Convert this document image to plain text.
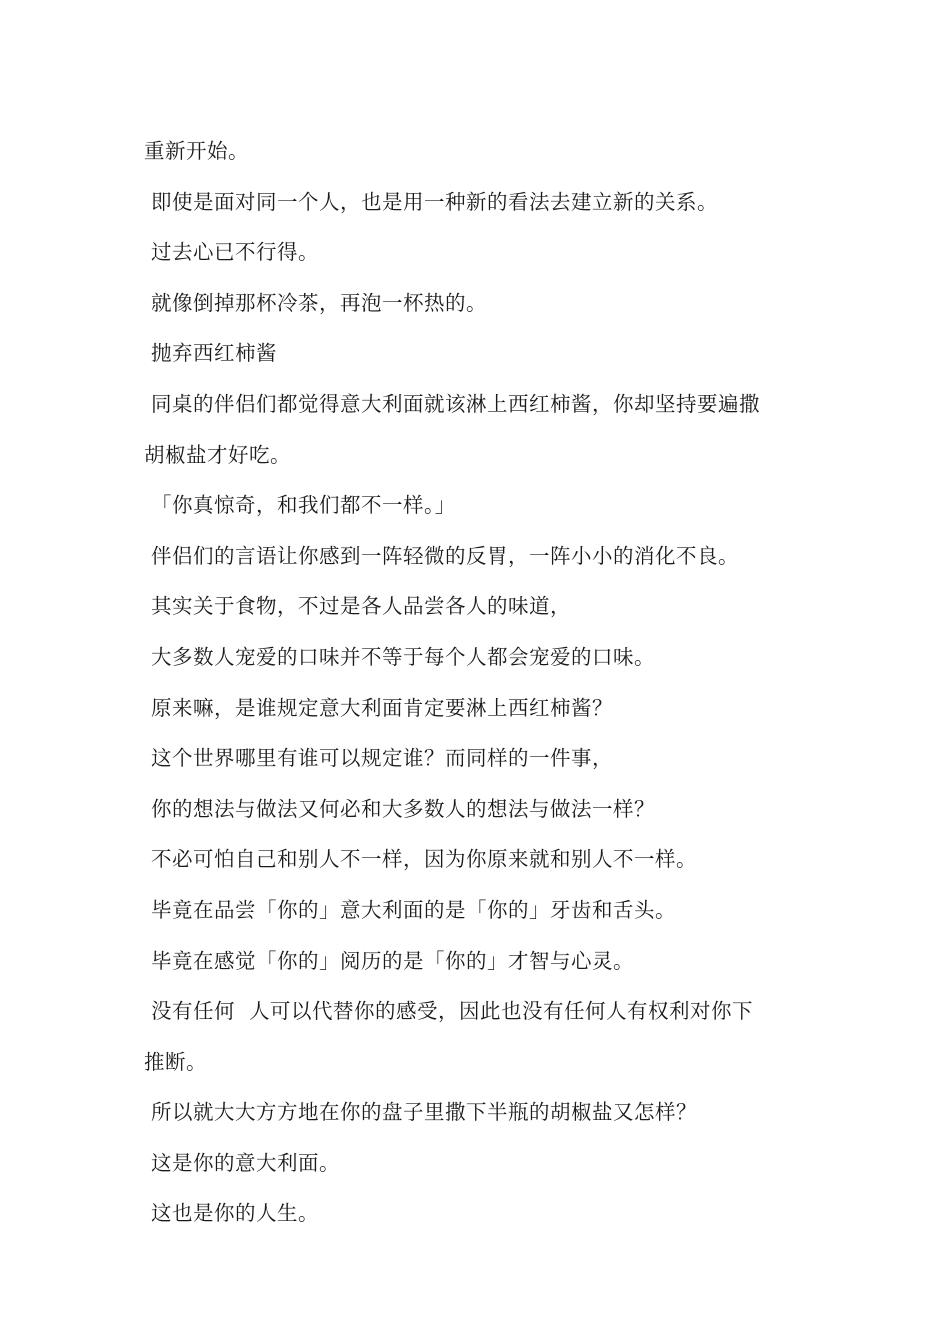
重新开始。
即使是面对同一个人，也是用一种新的看法去建立新的关系。
过去心已不行得。
就像倒掉那杯冷茶，再泡一杯热的。
抛弃西红柿酱
同桌的伴侣们都觉得意大利面就该淋上西红柿酱，你却坚持要遍撒
胡椒盐才好吃。
「你真惊奇，和我们都不一样。」
伴侣们的言语让你感到一阵轻微的反胃，一阵小小的消化不良。
其实关于食物，不过是各人品尝各人的味道，
大多数人宠爱的口味并不等于每个人都会宠爱的口味。
原来嘛，是谁规定意大利面肯定要淋上西红柿酱？
这个世界哪里有谁可以规定谁？而同样的一件事，
你的想法与做法又何必和大多数人的想法与做法一样？
不必可怕自己和别人不一样，因为你原来就和别人不一样。
毕竟在品尝「你的」意大利面的是「你的」牙齿和舌头。
毕竟在感觉「你的」阅历的是「你的」才智与心灵。
没有任何  人可以代替你的感受，因此也没有任何人有权利对你下
推断。
所以就大大方方地在你的盘子里撒下半瓶的胡椒盐又怎样？
这是你的意大利面。
这也是你的人生。
